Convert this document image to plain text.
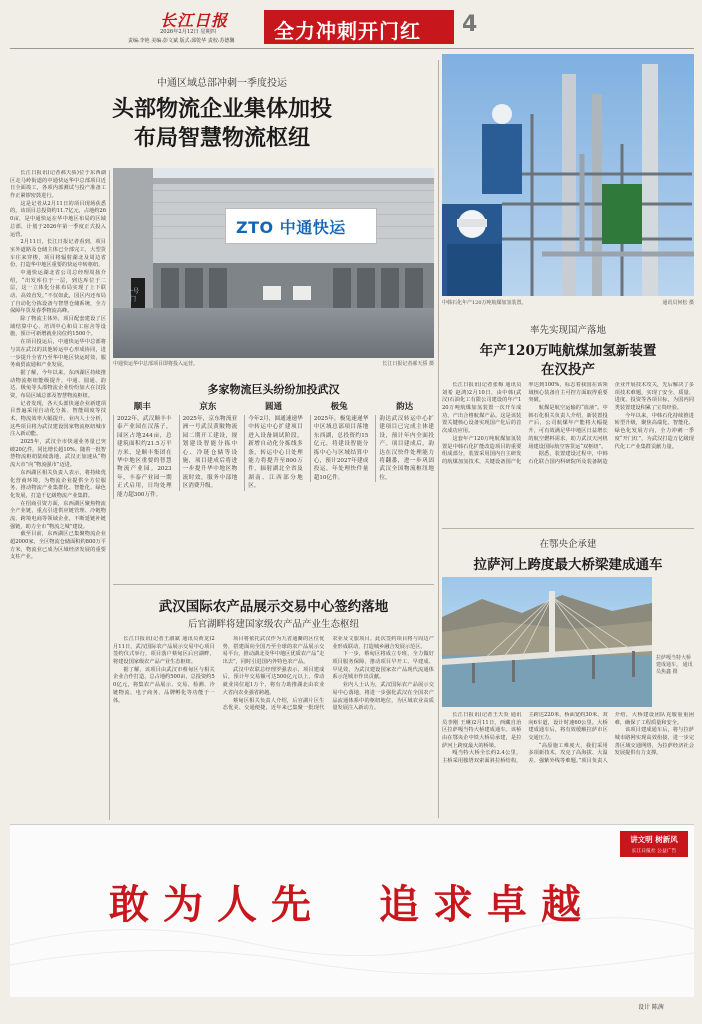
长江日报
2026年2月12日 星期四
责编:李艳 美编:彭文斌 版式:邱乾华 责校:苏德馨 全力冲刺开门红 4
中通区域总部冲刺一季度投运
头部物流企业集体加投
布局智慧物流枢纽

长江日报讯(记者郝天骄)位于东西湖区走马岭街道的中通快运华中总部项目近日全面竣工，各项内部测试与投产准备工作正紧锣密鼓进行。

这是记者从2月11日的项目现场获悉的，该项目总投资约11.7亿元，占地约260亩，是中通快运在华中地区布局的区域总部，计划于2026年第一季度正式投入运营。

2月11日，长江日报记者看到，项目室外道路及仓储主体已全部完工，大型货车往来穿梭，项目将辐射湖北及周边省份，打造华中地区重要的快运中转枢纽。

中通快运湖北省公司总经理周扬介绍，“出发库位于一层，到达库位于二层，这一立体化分拣布局实现了上下联动、高效直发。”不仅如此，园区内还布局了自动化分拣设备与智慧仓储系统，全力保障年货及春季物流高峰。

除了物流主体外，项目配套建设了区域结算中心、培训中心和员工宿舍等设施，预计可新增就业岗位约1500个。

在项目投运后，中通快运华中总部将与其在武汉的其他转运中心形成协同，进一步提升全省乃至华中地区快运时效，服务商贸流通和产业发展。

据了解，今年以来，东西湖区持续推动物流枢纽能级提升，中通、圆通、韵达、极兔等头部物流企业纷纷加大在汉投资，布局区域总部及智慧物流枢纽。

记者发现，各大头部快递企业新建项目普遍采用自动化分拣、智能调度等技术，物流效率大幅提升。业内人士分析，这些项目将为武汉建设国家物流枢纽城市注入新动能。

2025年，武汉全市快递业务量已突破20亿件，同比增长超10%。随着一批智慧物流枢纽陆续落地，武汉正加速从“物流大市”向“物流强市”迈进。

东西湖区相关负责人表示，将持续优化营商环境，为物流企业提供全方位服务，推动物流产业集群化、智能化、绿色化发展，打造千亿级物流产业集群。

在招商引资方面，东西湖区聚焦物流全产业链，重点引进供应链管理、冷链物流、跨境电商等领域企业，不断延链补链强链，助力全市“物流之城”建设。

截至目前，东西湖区已集聚物流企业超2000家，全区物流仓储面积约800万平方米，物流业已成为区域经济发展的重要支柱产业。

ZTO 中通快运
一号门
中通快运华中总部项目即将投入运营。	长江日报记者郝天骄 摄
多家物流巨头纷纷加投武汉
顺丰
2022年，武汉顺丰丰泰产业园在汉落子，园区占地244亩，总建筑面积约21.5万平方米，是顺丰集团在华中地区重要的智慧物流产业园。2023年，丰泰产业园一期正式启用，日均处理能力超300万件。
京东
2025年，京东物流亚洲一号武汉黄陂物流园二期开工建设，规划建设智能分拣中心、冷链仓储等设施，项目建成后将进一步提升华中地区物流时效，服务中部地区消费升级。
圆通
今年2月，圆通速递华中转运中心扩建项目进入设备调试阶段，新增自动化分拣线多条，转运中心日处理能力将提升至800万件，辐射湖北全省及湖南、江西部分地区。
极兔
2025年，极兔速递华中区域总部项目落地东西湖，总投资约15亿元，将建设智能分拣中心与区域结算中心，预计2027年建成投运，年处理快件量超10亿件。
韵达
韵达武汉转运中心扩建项目已完成主体建设，预计年内全面投产。项目建成后，韵达在汉快件处理能力将翻番，进一步巩固武汉全国物流枢纽地位。
武汉国际农产品展示交易中心签约落地
后官湖畔将建国家级农产品产业生态枢纽

长江日报讯(记者王淑斌 通讯员黄龙)2月11日，武汉国际农产品展示交易中心项目签约仪式举行，项目落户蔡甸区后官湖畔，将建设国家级农产品产业生态枢纽。

据了解，该项目由武汉市蔡甸区与相关企业合作打造，总占地约500亩，总投资约50亿元，将集农产品展示、交易、检测、冷链物流、电子商务、品牌孵化等功能于一体。

项目将依托武汉作为九省通衢的区位优势，搭建面向全国乃至全球的农产品展示交易平台，推动湖北及华中地区优质农产品“走出去”，同时引进国内外特色农产品。

武汉中农联总经理罗强表示，项目建成后，预计年交易额可达500亿元以上，带动就业岗位超1万个，将有力助推湖北由农业大省向农业强省跨越。

蔡甸区相关负责人介绍，后官湖片区生态优美、交通便捷，近年来已集聚一批现代农业及文旅项目。此次签约项目将与周边产业形成联动，打造城乡融合发展示范区。

下一步，蔡甸区将成立专班，全力做好项目服务保障，推动项目早开工、早建成、早见效，为武汉建设国家农产品现代流通体系示范城市作出贡献。

业内人士认为，武汉国际农产品展示交易中心落地，将进一步强化武汉在全国农产品流通体系中的枢纽地位，为区域农业高质量发展注入新动力。

中韩石化年产120万吨航煤加氢装置。	通讯员何松 摄
率先实现国产落地
年产120万吨航煤加氢新装置
在汉投产

长江日报讯(记者张梅 通讯员刘希 赵鸿)2月10日，由中韩(武汉)石油化工有限公司建设的年产120万吨航煤加氢装置一次开车成功，产出合格航煤产品。这是该装置关键核心设备实现国产化后的首次成功应用。

这套年产120万吨航煤加氢装置是中韩石化扩能改造项目的重要组成部分，装置采用国内自主研发的航煤加氢技术，关键设备国产化率达到100%，标志着我国在该领域核心装备自主可控方面取得重要突破。

航煤是航空运输的“血液”。中韩石化相关负责人介绍，新装置投产后，公司航煤年产能将大幅提升，可有效满足华中地区日益增长的航空燃料需求，助力武汉天河机场建设国际航空客货运“双枢纽”。

据悉，装置建设过程中，中韩石化联合国内科研院所及装备制造企业开展技术攻关，先后解决了多项技术难题，实现了安全、质量、进度、投资等各项目标，为国内同类装置建设积累了宝贵经验。

今年以来，中韩石化持续推进转型升级，聚焦高端化、智能化、绿色化发展方向，全力冲刺一季度“开门红”，为武汉打造万亿级现代化工产业集群贡献力量。

在鄂央企承建
拉萨河上跨度最大桥梁建成通车
拉萨嘎当特大桥建成通车。 通讯员焦鑫 摄

长江日报讯(记者王天炎 通讯员李刚 王琳)2月11日，西藏自治区拉萨嘎当特大桥建成通车。该桥由在鄂央企中铁大桥局承建，是拉萨河上跨度最大的桥梁。

嘎当特大桥全长约2.4公里，主桥采用独塔双索面斜拉桥结构，主跨达220米，桥面宽约30米，双向6车道，设计时速60公里。大桥建成通车后，将有效缓解拉萨市区交通压力。

“高原施工难度大，我们采用多项新技术，攻克了高海拔、大温差、强紫外线等难题。”项目负责人介绍，大桥建设团队克服重重困难，确保了工程质量和安全。

该项目建成通车后，将与拉萨城市路网实现高效衔接，进一步完善区域交通网络，为拉萨经济社会发展提供有力支撑。

敢为人先 追求卓越
讲文明 树新风
长江日报社 公益广告
设计 陈茜
